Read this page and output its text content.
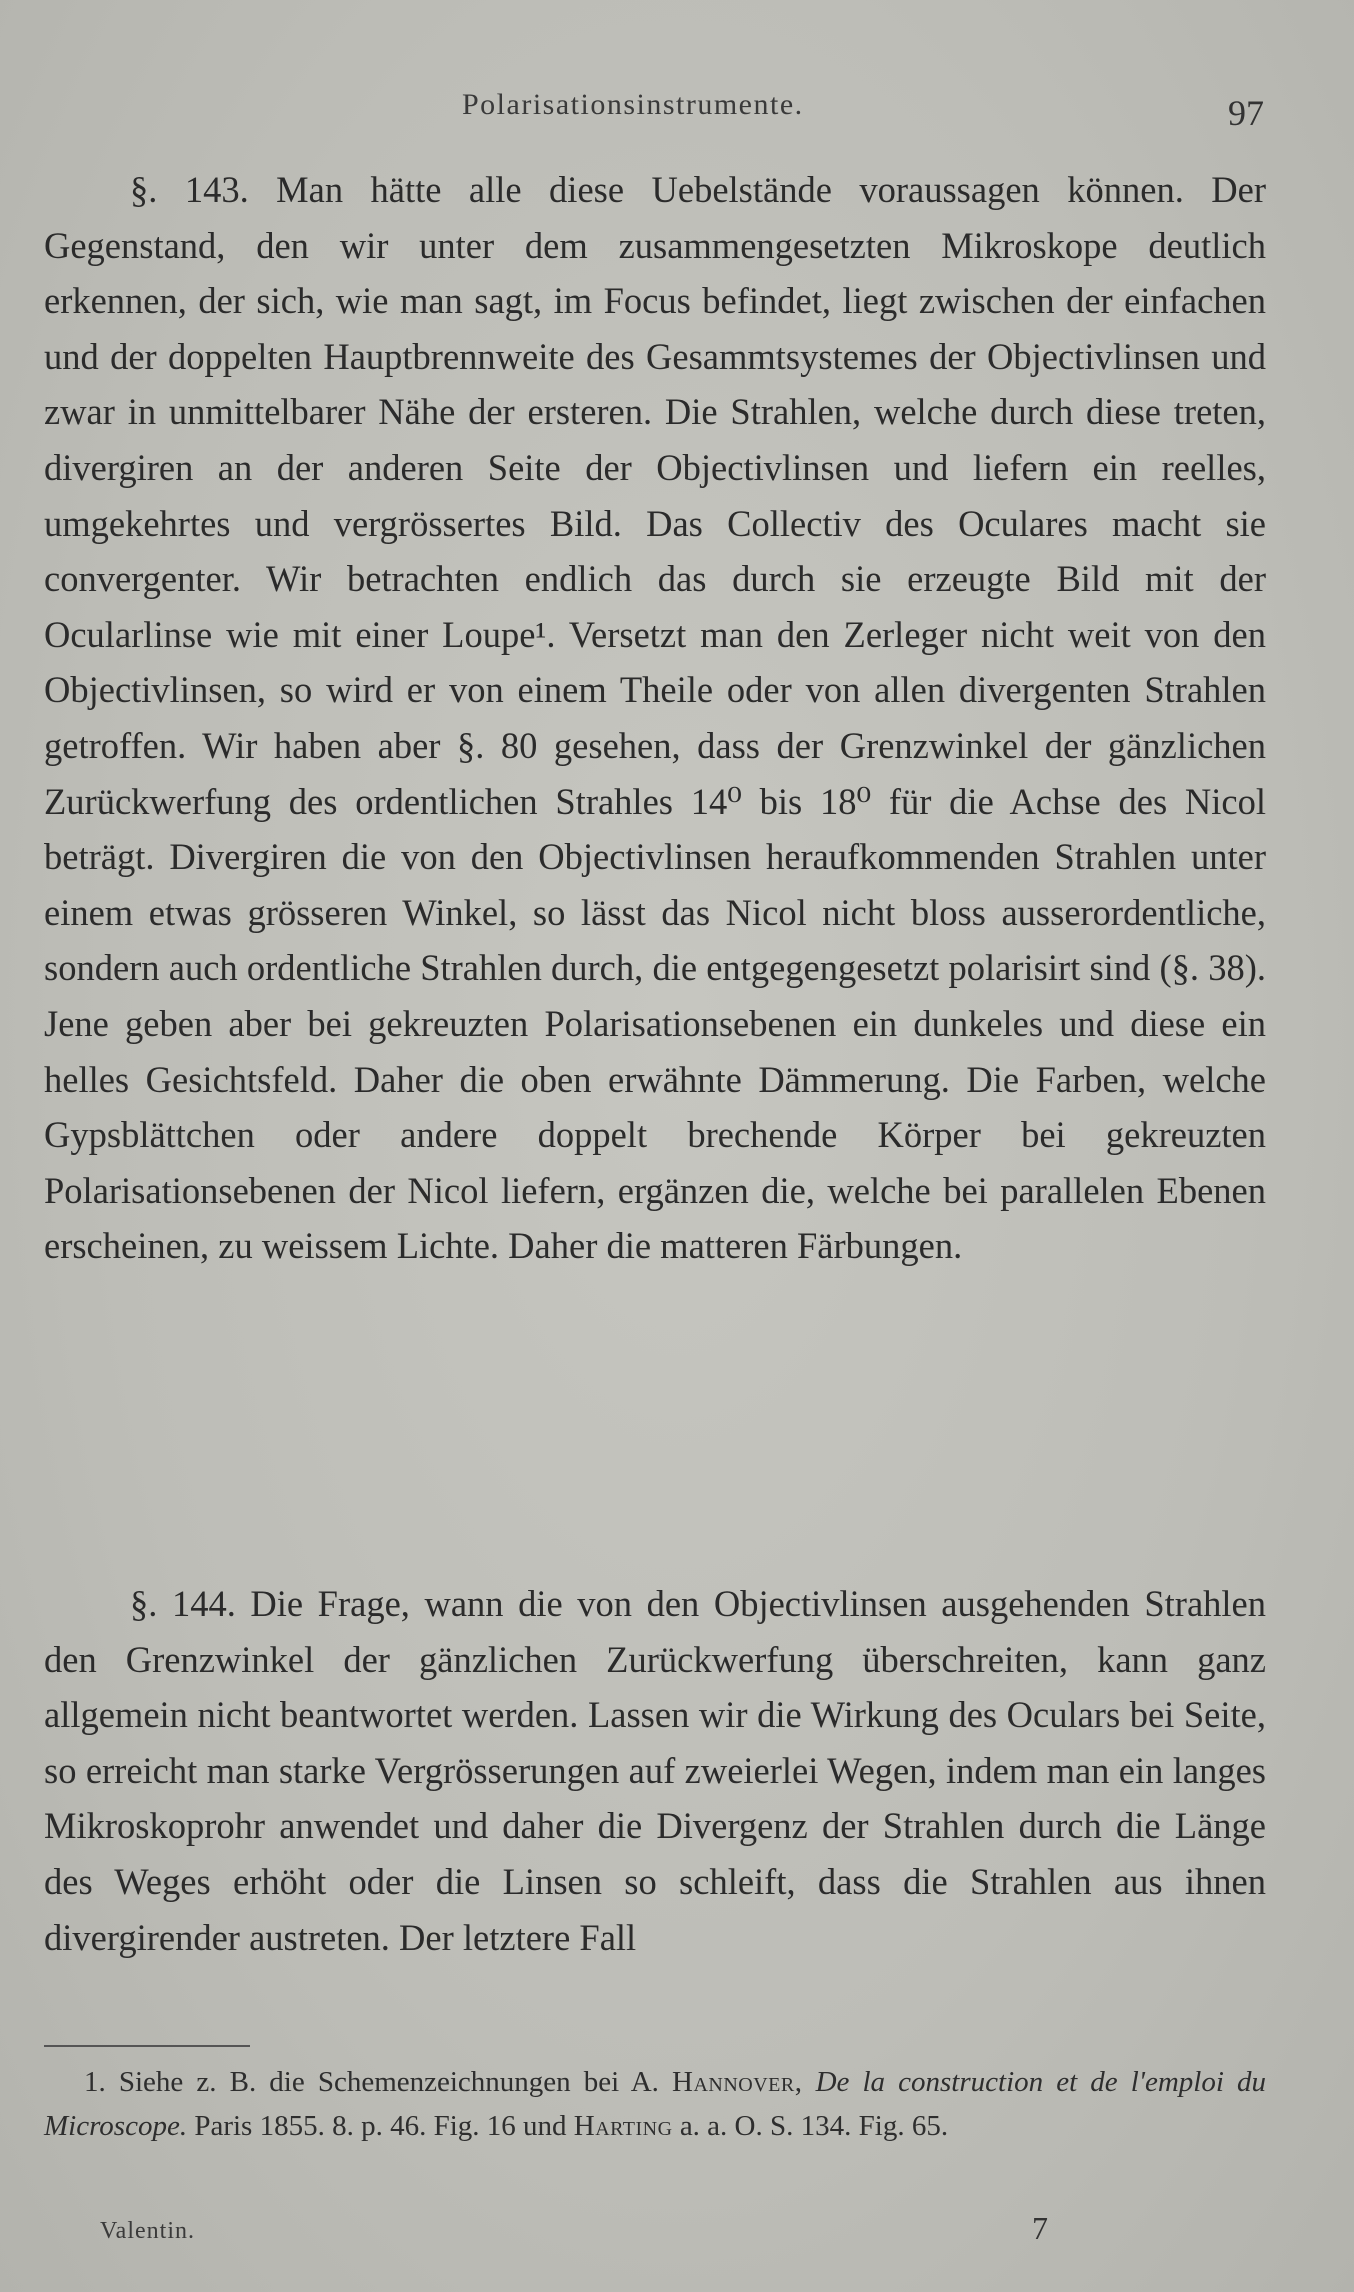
Polarisationsinstrumente.	97

§. 143. Man hätte alle diese Uebelstände voraussagen können. Der Gegenstand, den wir unter dem zusammengesetzten Mikroskope deutlich erkennen, der sich, wie man sagt, im Focus befindet, liegt zwischen der einfachen und der doppelten Hauptbrennweite des Gesammtsystemes der Objectivlinsen und zwar in unmittelbarer Nähe der ersteren. Die Strahlen, welche durch diese treten, divergiren an der anderen Seite der Objectivlinsen und liefern ein reelles, umgekehrtes und vergrössertes Bild. Das Collectiv des Oculares macht sie convergenter. Wir betrachten endlich das durch sie erzeugte Bild mit der Ocularlinse wie mit einer Loupe¹. Versetzt man den Zerleger nicht weit von den Objectivlinsen, so wird er von einem Theile oder von allen divergenten Strahlen getroffen. Wir haben aber §. 80 gesehen, dass der Grenzwinkel der gänzlichen Zurückwerfung des ordentlichen Strahles 14⁰ bis 18⁰ für die Achse des Nicol beträgt. Divergiren die von den Objectivlinsen heraufkommenden Strahlen unter einem etwas grösseren Winkel, so lässt das Nicol nicht bloss ausserordentliche, sondern auch ordentliche Strahlen durch, die entgegengesetzt polarisirt sind (§. 38). Jene geben aber bei gekreuzten Polarisationsebenen ein dunkeles und diese ein helles Gesichtsfeld. Daher die oben erwähnte Dämmerung. Die Farben, welche Gypsblättchen oder andere doppelt brechende Körper bei gekreuzten Polarisationsebenen der Nicol liefern, ergänzen die, welche bei parallelen Ebenen erscheinen, zu weissem Lichte. Daher die matteren Färbungen.

§. 144. Die Frage, wann die von den Objectivlinsen ausgehenden Strahlen den Grenzwinkel der gänzlichen Zurückwerfung überschreiten, kann ganz allgemein nicht beantwortet werden. Lassen wir die Wirkung des Oculars bei Seite, so erreicht man starke Vergrösserungen auf zweierlei Wegen, indem man ein langes Mikroskoprohr anwendet und daher die Divergenz der Strahlen durch die Länge des Weges erhöht oder die Linsen so schleift, dass die Strahlen aus ihnen divergirender austreten. Der letztere Fall

1. Siehe z. B. die Schemenzeichnungen bei A. Hannover, De la construction et de l'emploi du Microscope. Paris 1855. 8. p. 46. Fig. 16 und Harting a. a. O. S. 134. Fig. 65.

Valentin.	7
